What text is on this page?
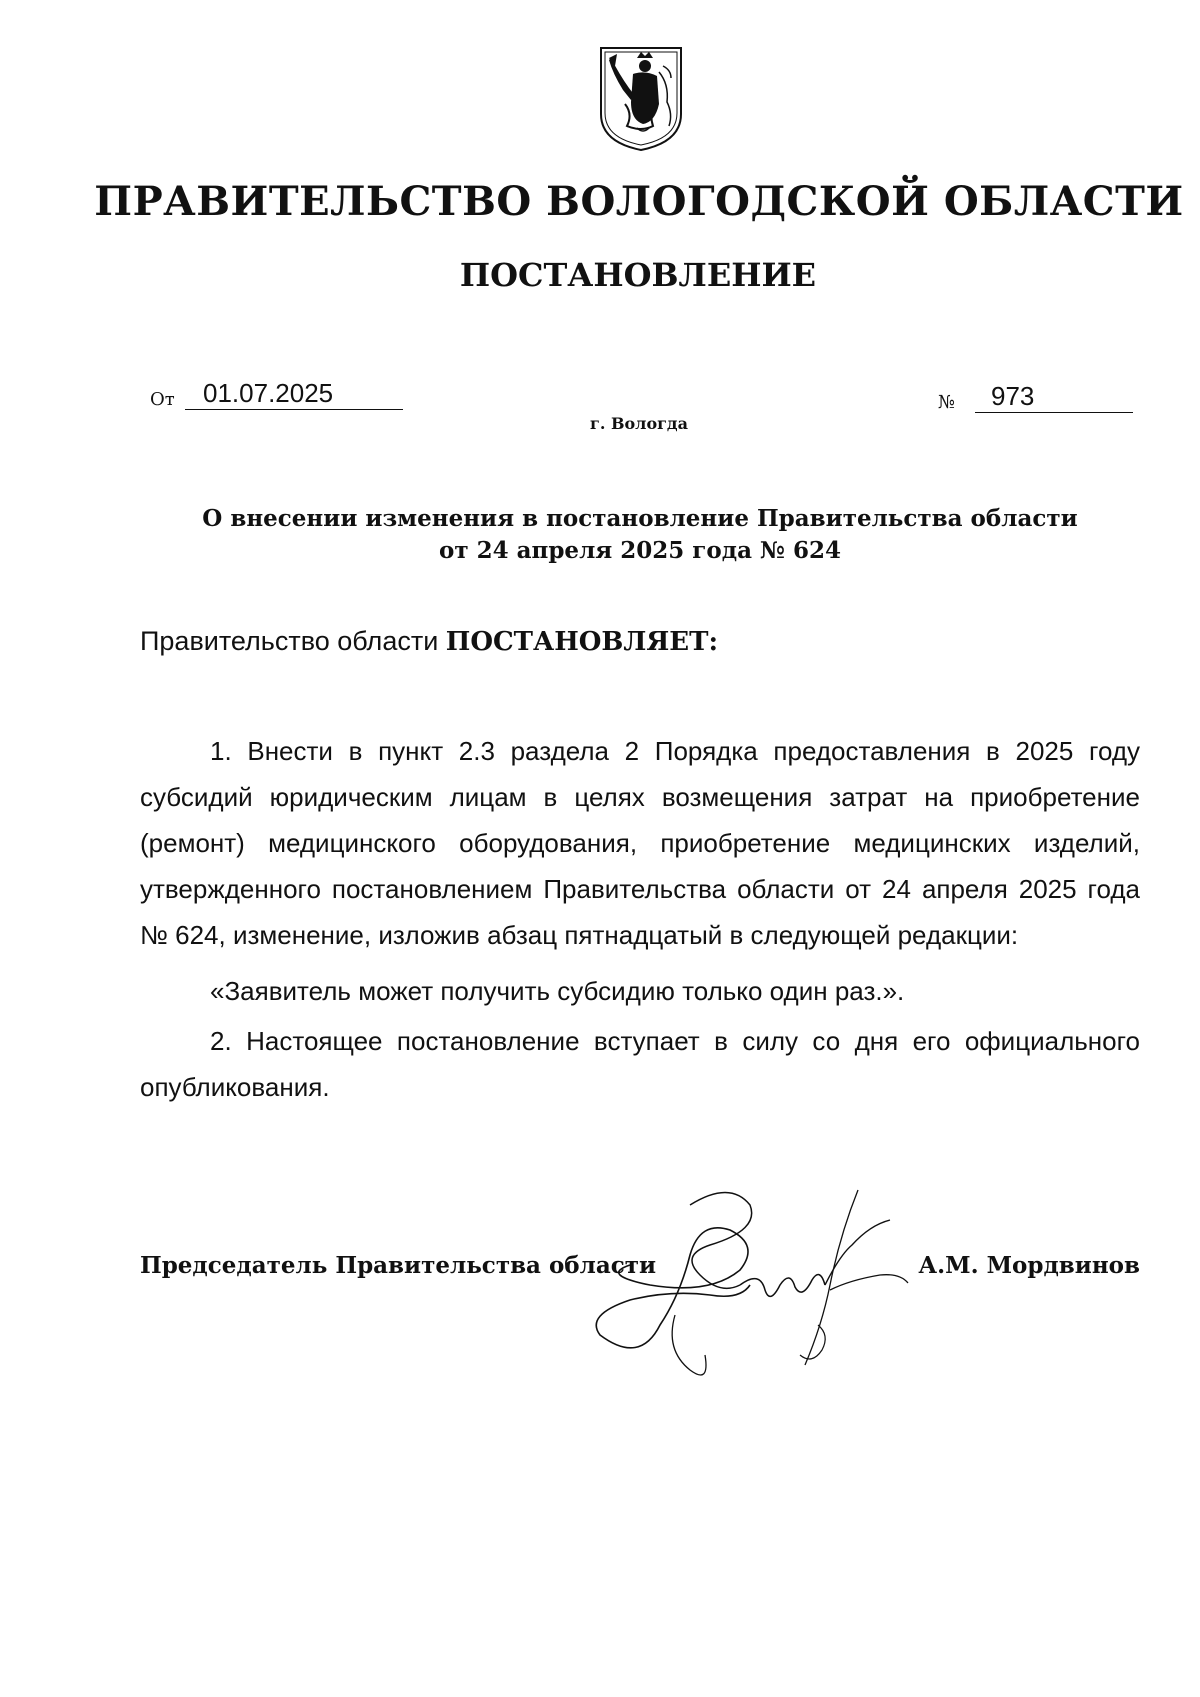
ПРАВИТЕЛЬСТВО ВОЛОГОДСКОЙ ОБЛАСТИ
ПОСТАНОВЛЕНИЕ
От	01.07.2025	№	973
г. Вологда
О внесении изменения в постановление Правительства области
от 24 апреля 2025 года № 624
Правительство области ПОСТАНОВЛЯЕТ:

1. Внести в пункт 2.3 раздела 2 Порядка предоставления в 2025 году субсидий юридическим лицам в целях возмещения затрат на приобретение (ремонт) медицинского оборудования, приобретение медицинских изделий, утвержденного постановлением Правительства области от 24 апреля 2025 года № 624, изменение, изложив абзац пятнадцатый в следующей редакции:

«Заявитель может получить субсидию только один раз.».

2. Настоящее постановление вступает в силу со дня его официального опубликования.

Председатель Правительства области	А.М. Мордвинов
